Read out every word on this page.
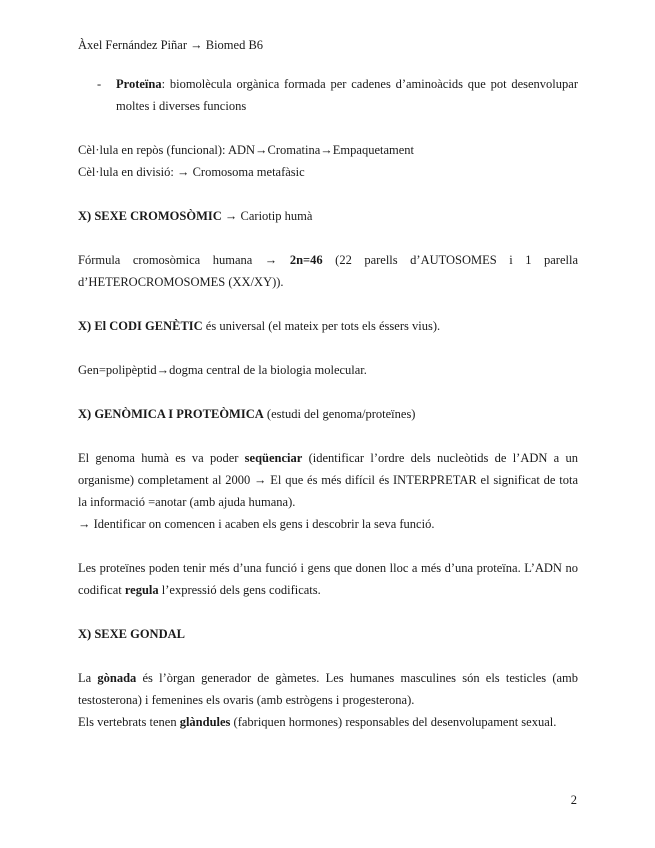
Àxel Fernández Piñar → Biomed B6
-	Proteïna: biomolècula orgànica formada per cadenes d’aminoàcids que pot desenvolupar moltes i diverses funcions

Cèl·lula en repòs (funcional): ADN→Cromatina→Empaquetament

Cèl·lula en divisió: → Cromosoma metafàsic

X) SEXE CROMOSÒMIC → Cariotip humà

Fórmula cromosòmica humana → 2n=46 (22 parells d’AUTOSOMES i 1 parella d’HETEROCROMOSOMES (XX/XY)).

X) El CODI GENÈTIC és universal (el mateix per tots els éssers vius).

Gen=polipèptid→dogma central de la biologia molecular.

X) GENÒMICA I PROTEÒMICA (estudi del genoma/proteïnes)

El genoma humà es va poder seqüenciar (identificar l’ordre dels nucleòtids de l’ADN a un organisme) completament al 2000 → El que és més difícil és INTERPRETAR el significat de tota la informació =anotar (amb ajuda humana).

→ Identificar on comencen i acaben els gens i descobrir la seva funció.

Les proteïnes poden tenir més d’una funció i gens que donen lloc a més d’una proteïna. L’ADN no codificat regula l’expressió dels gens codificats.

X) SEXE GONDAL

La gònada és l’òrgan generador de gàmetes. Les humanes masculines són els testicles (amb testosterona) i femenines els ovaris (amb estrògens i progesterona).

Els vertebrats tenen glàndules (fabriquen hormones) responsables del desenvolupament sexual.

2
